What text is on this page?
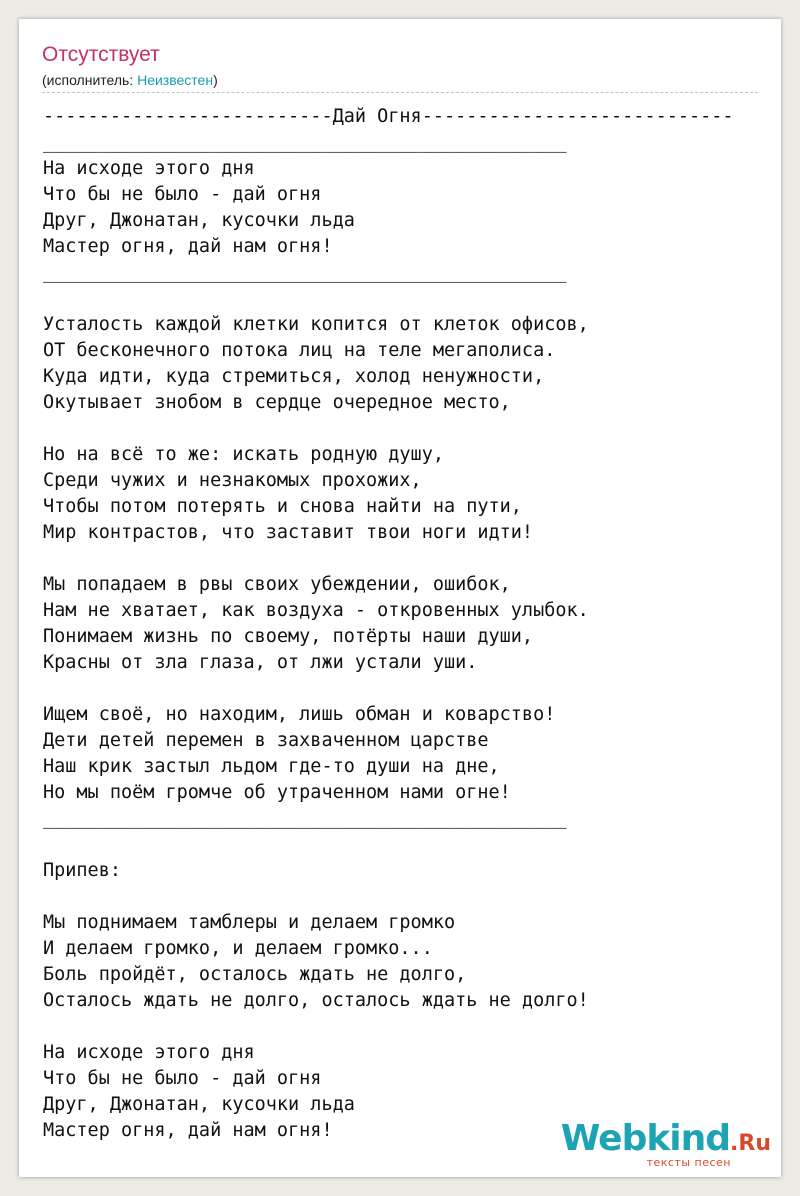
Отсутствует
(исполнитель: Неизвестен)
--------------------------Дай Огня----------------------------
_______________________________________________
На исходе этого дня
Что бы не было - дай огня
Друг, Джонатан, кусочки льда
Мастер огня, дай нам огня!
_______________________________________________

Усталость каждой клетки копится от клеток офисов,
ОТ бесконечного потока лиц на теле мегаполиса.
Куда идти, куда стремиться, холод ненужности,
Окутывает знобом в сердце очередное место,

Но на всё то же: искать родную душу,
Среди чужих и незнакомых прохожих,
Чтобы потом потерять и снова найти на пути,
Мир контрастов, что заставит твои ноги идти!

Мы попадаем в рвы своих убеждении, ошибок,
Нам не хватает, как воздуха - откровенных улыбок.
Понимаем жизнь по своему, потёрты наши души,
Красны от зла глаза, от лжи устали уши.

Ищем своё, но находим, лишь обман и коварство!
Дети детей перемен в захваченном царстве
Наш крик застыл льдом где-то души на дне,
Но мы поём громче об утраченном нами огне!
_______________________________________________

Припев:

Мы поднимаем тамблеры и делаем громко
И делаем громко, и делаем громко...
Боль пройдёт, осталось ждать не долго,
Осталось ждать не долго, осталось ждать не долго!

На исходе этого дня
Что бы не было - дай огня
Друг, Джонатан, кусочки льда
Мастер огня, дай нам огня!	Webkind.Ru
тексты песен
